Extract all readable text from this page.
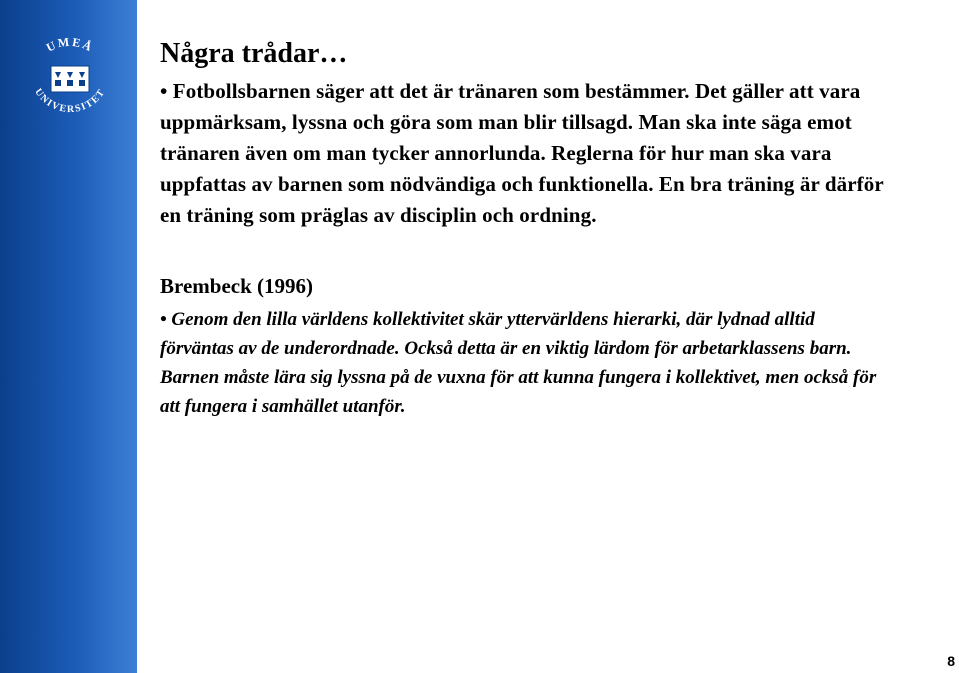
UMEÅ
UNIVERSITET
Några trådar…

• Fotbollsbarnen säger att det är tränaren som bestämmer. Det gäller att vara uppmärksam, lyssna och göra som man blir tillsagd. Man ska inte säga emot tränaren även om man tycker annorlunda. Reglerna för hur man ska vara uppfattas av barnen som nödvändiga och funktionella. En bra träning är därför en träning som präglas av disciplin och ordning.

Brembeck (1996)

• Genom den lilla världens kollektivitet skär yttervärldens hierarki, där lydnad alltid förväntas av de underordnade. Också detta är en viktig lärdom för arbetarklassens barn. Barnen måste lära sig lyssna på de vuxna för att kunna fungera i kollektivet, men också för att fungera i samhället utanför.

8
